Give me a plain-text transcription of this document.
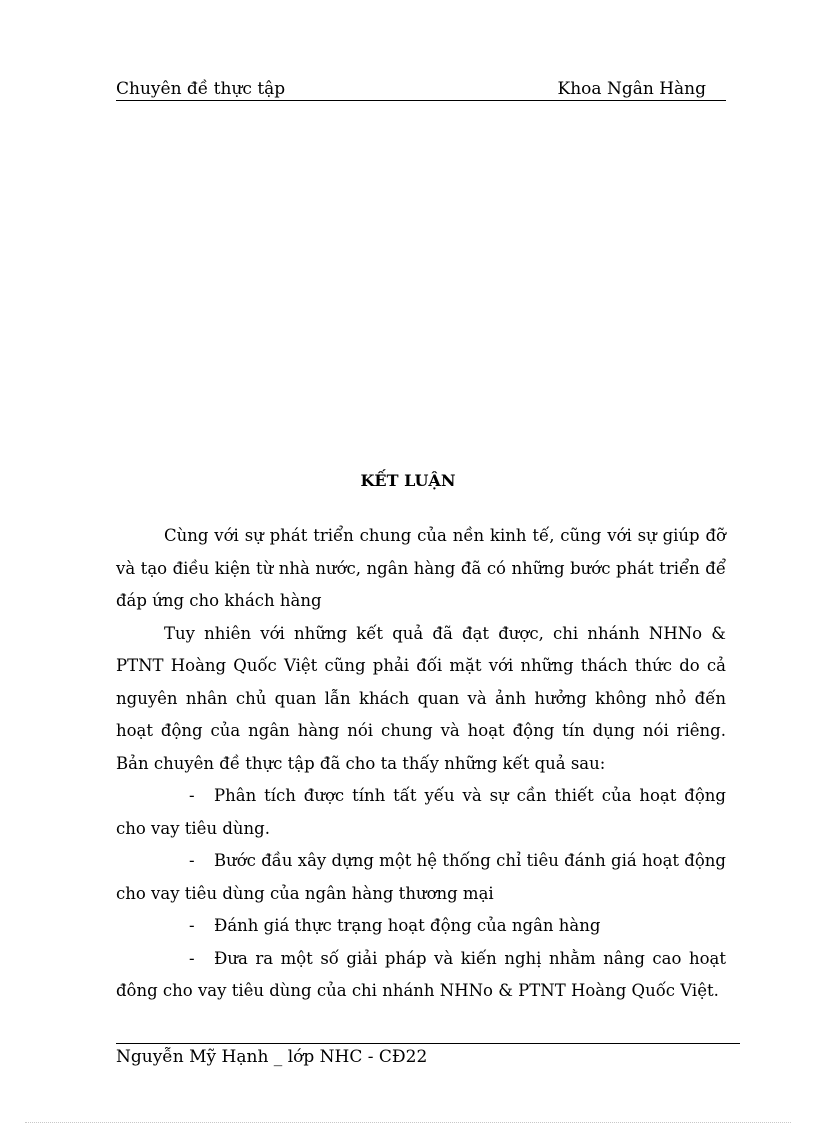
Chuyên đề thực tập	Khoa Ngân Hàng
KẾT LUẬN

Cùng với sự phát triển chung của nền kinh tế, cũng với sự giúp đỡ và tạo điều kiện từ nhà nước, ngân hàng đã có những bước phát triển để đáp ứng cho khách hàng

Tuy nhiên với những kết quả đã đạt được, chi nhánh NHNo & PTNT Hoàng Quốc Việt cũng phải đối mặt với những thách thức do cả nguyên nhân chủ quan lẫn khách quan và ảnh hưởng không nhỏ đến hoạt động của ngân hàng nói chung và hoạt động tín dụng nói riêng. Bản chuyên đề thực tập đã cho ta thấy những kết quả sau:

- Phân tích được tính tất yếu và sự cần thiết của hoạt động cho vay tiêu dùng.

- Bước đầu xây dựng một hệ thống chỉ tiêu đánh giá hoạt động cho vay tiêu dùng của ngân hàng thương mại

- Đánh giá thực trạng hoạt động của ngân hàng

- Đưa ra một số giải pháp và kiến nghị nhằm nâng cao hoạt đông cho vay tiêu dùng của chi nhánh NHNo & PTNT Hoàng Quốc Việt.

Nguyễn Mỹ Hạnh _ lớp NHC - CĐ22
